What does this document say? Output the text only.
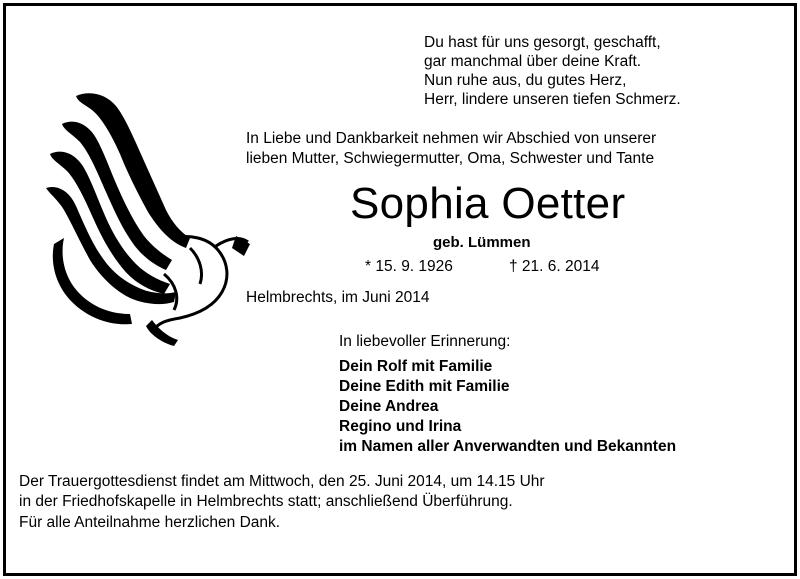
Du hast für uns gesorgt, geschafft,
gar manchmal über deine Kraft.
Nun ruhe aus, du gutes Herz,
Herr, lindere unseren tiefen Schmerz.
In Liebe und Dankbarkeit nehmen wir Abschied von unserer
lieben Mutter, Schwiegermutter, Oma, Schwester und Tante
Sophia Oetter
geb. Lümmen
* 15. 9. 1926	† 21. 6. 2014
Helmbrechts, im Juni 2014
In liebevoller Erinnerung:
Dein Rolf mit Familie
Deine Edith mit Familie
Deine Andrea
Regino und Irina
im Namen aller Anverwandten und Bekannten
Der Trauergottesdienst findet am Mittwoch, den 25. Juni 2014, um 14.15 Uhr
in der Friedhofskapelle in Helmbrechts statt; anschließend Überführung.
Für alle Anteilnahme herzlichen Dank.
